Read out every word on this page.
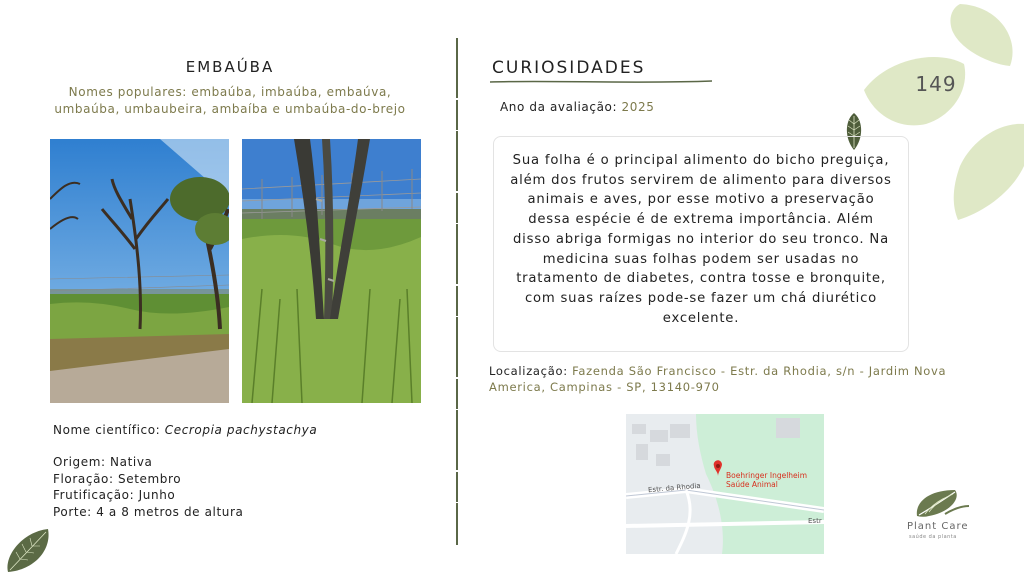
149
EMBAÚBA
Nomes populares: embaúba, imbaúba, embaúva, umbaúba, umbaubeira, ambaíba e umbaúba-do-brejo
Nome científico: Cecropia pachystachya
Origem: Nativa
Floração: Setembro
Frutificação: Junho
Porte: 4 a 8 metros de altura
CURIOSIDADES
Ano da avaliação: 2025
Sua folha é o principal alimento do bicho preguiça, além dos frutos servirem de alimento para diversos animais e aves, por esse motivo a preservação dessa espécie é de extrema importância. Além disso abriga formigas no interior do seu tronco. Na medicina suas folhas podem ser usadas no tratamento de diabetes, contra tosse e bronquite, com suas raízes pode-se fazer um chá diurético excelente.
Localização: Fazenda São Francisco - Estr. da Rhodia, s/n - Jardim Nova America, Campinas - SP, 13140-970
Boehringer Ingelheim
Saúde Animal
Estr. da Rhodia
Estr	Plant Care
saúde da planta
